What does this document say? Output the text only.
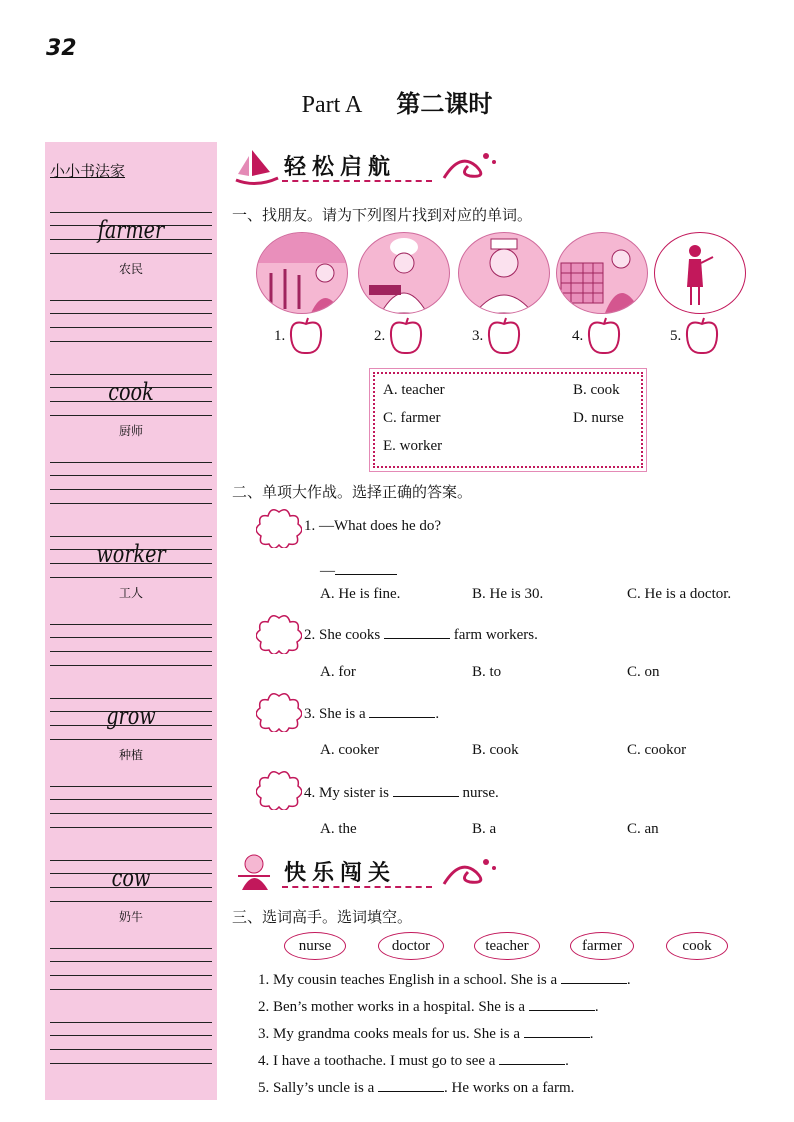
32
Part A 第二课时
小小书法家
farmer
农民
cook
厨师
worker
工人
grow
种植
cow
奶牛
轻松启航
一、找朋友。请为下列图片找到对应的单词。
1.	2.	3.	4.	5.
A. teacher	B. cook
C. farmer	D. nurse
E. worker
二、单项大作战。选择正确的答案。
1. —What does he do?
—
A. He is fine.	B. He is 30.	C. He is a doctor.
2. She cooks	farm workers.
A. for	B. to	C. on
3. She is a	.
A. cooker	B. cook	C. cookor
4. My sister is	nurse.
A. the	B. a	C. an
快乐闯关
三、选词高手。选词填空。
nurse	doctor	teacher	farmer	cook
1. My cousin teaches English in a school. She is a	.
2. Ben’s mother works in a hospital. She is a	.
3. My grandma cooks meals for us. She is a	.
4. I have a toothache. I must go to see a	.
5. Sally’s uncle is a	. He works on a farm.
